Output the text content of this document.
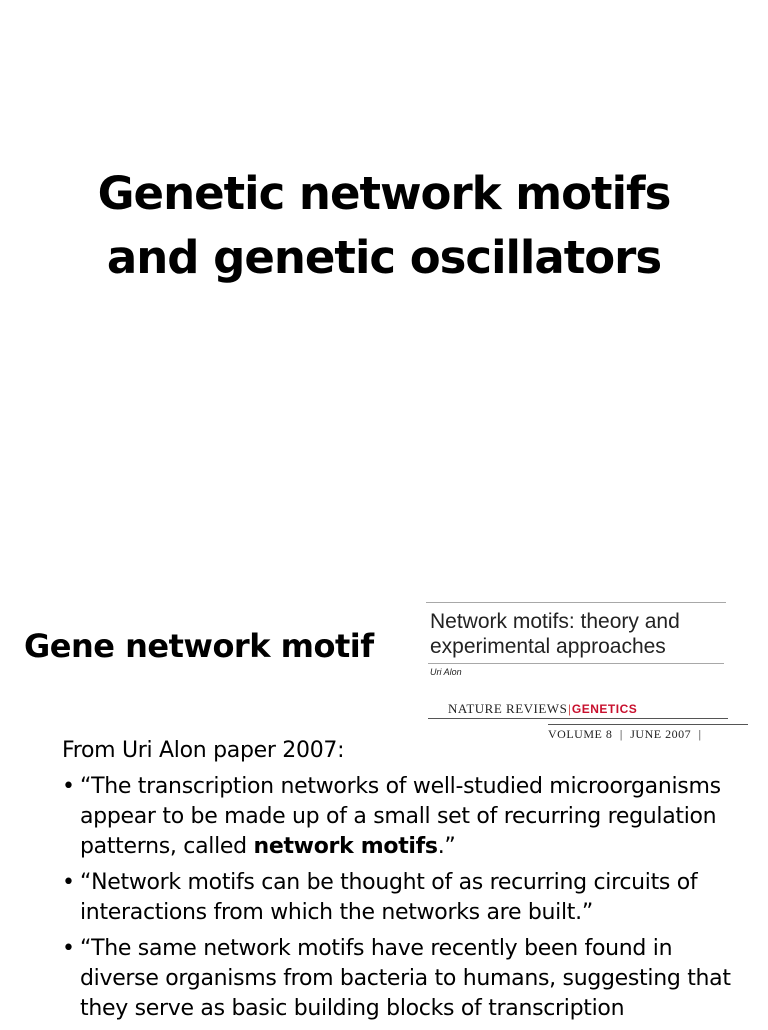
Genetic network motifs
and genetic oscillators
Gene network motif
Network motifs: theory and
experimental approaches
Uri Alon
NATURE REVIEWS|GENETICS
VOLUME 8 | JUNE 2007 |
From Uri Alon paper 2007:
• “The transcription networks of well-studied microorganisms appear to be made up of a small set of recurring regulation patterns, called network motifs.”
• “Network motifs can be thought of as recurring circuits of interactions from which the networks are built.”
• “The same network motifs have recently been found in diverse organisms from bacteria to humans, suggesting that they serve as basic building blocks of transcription
